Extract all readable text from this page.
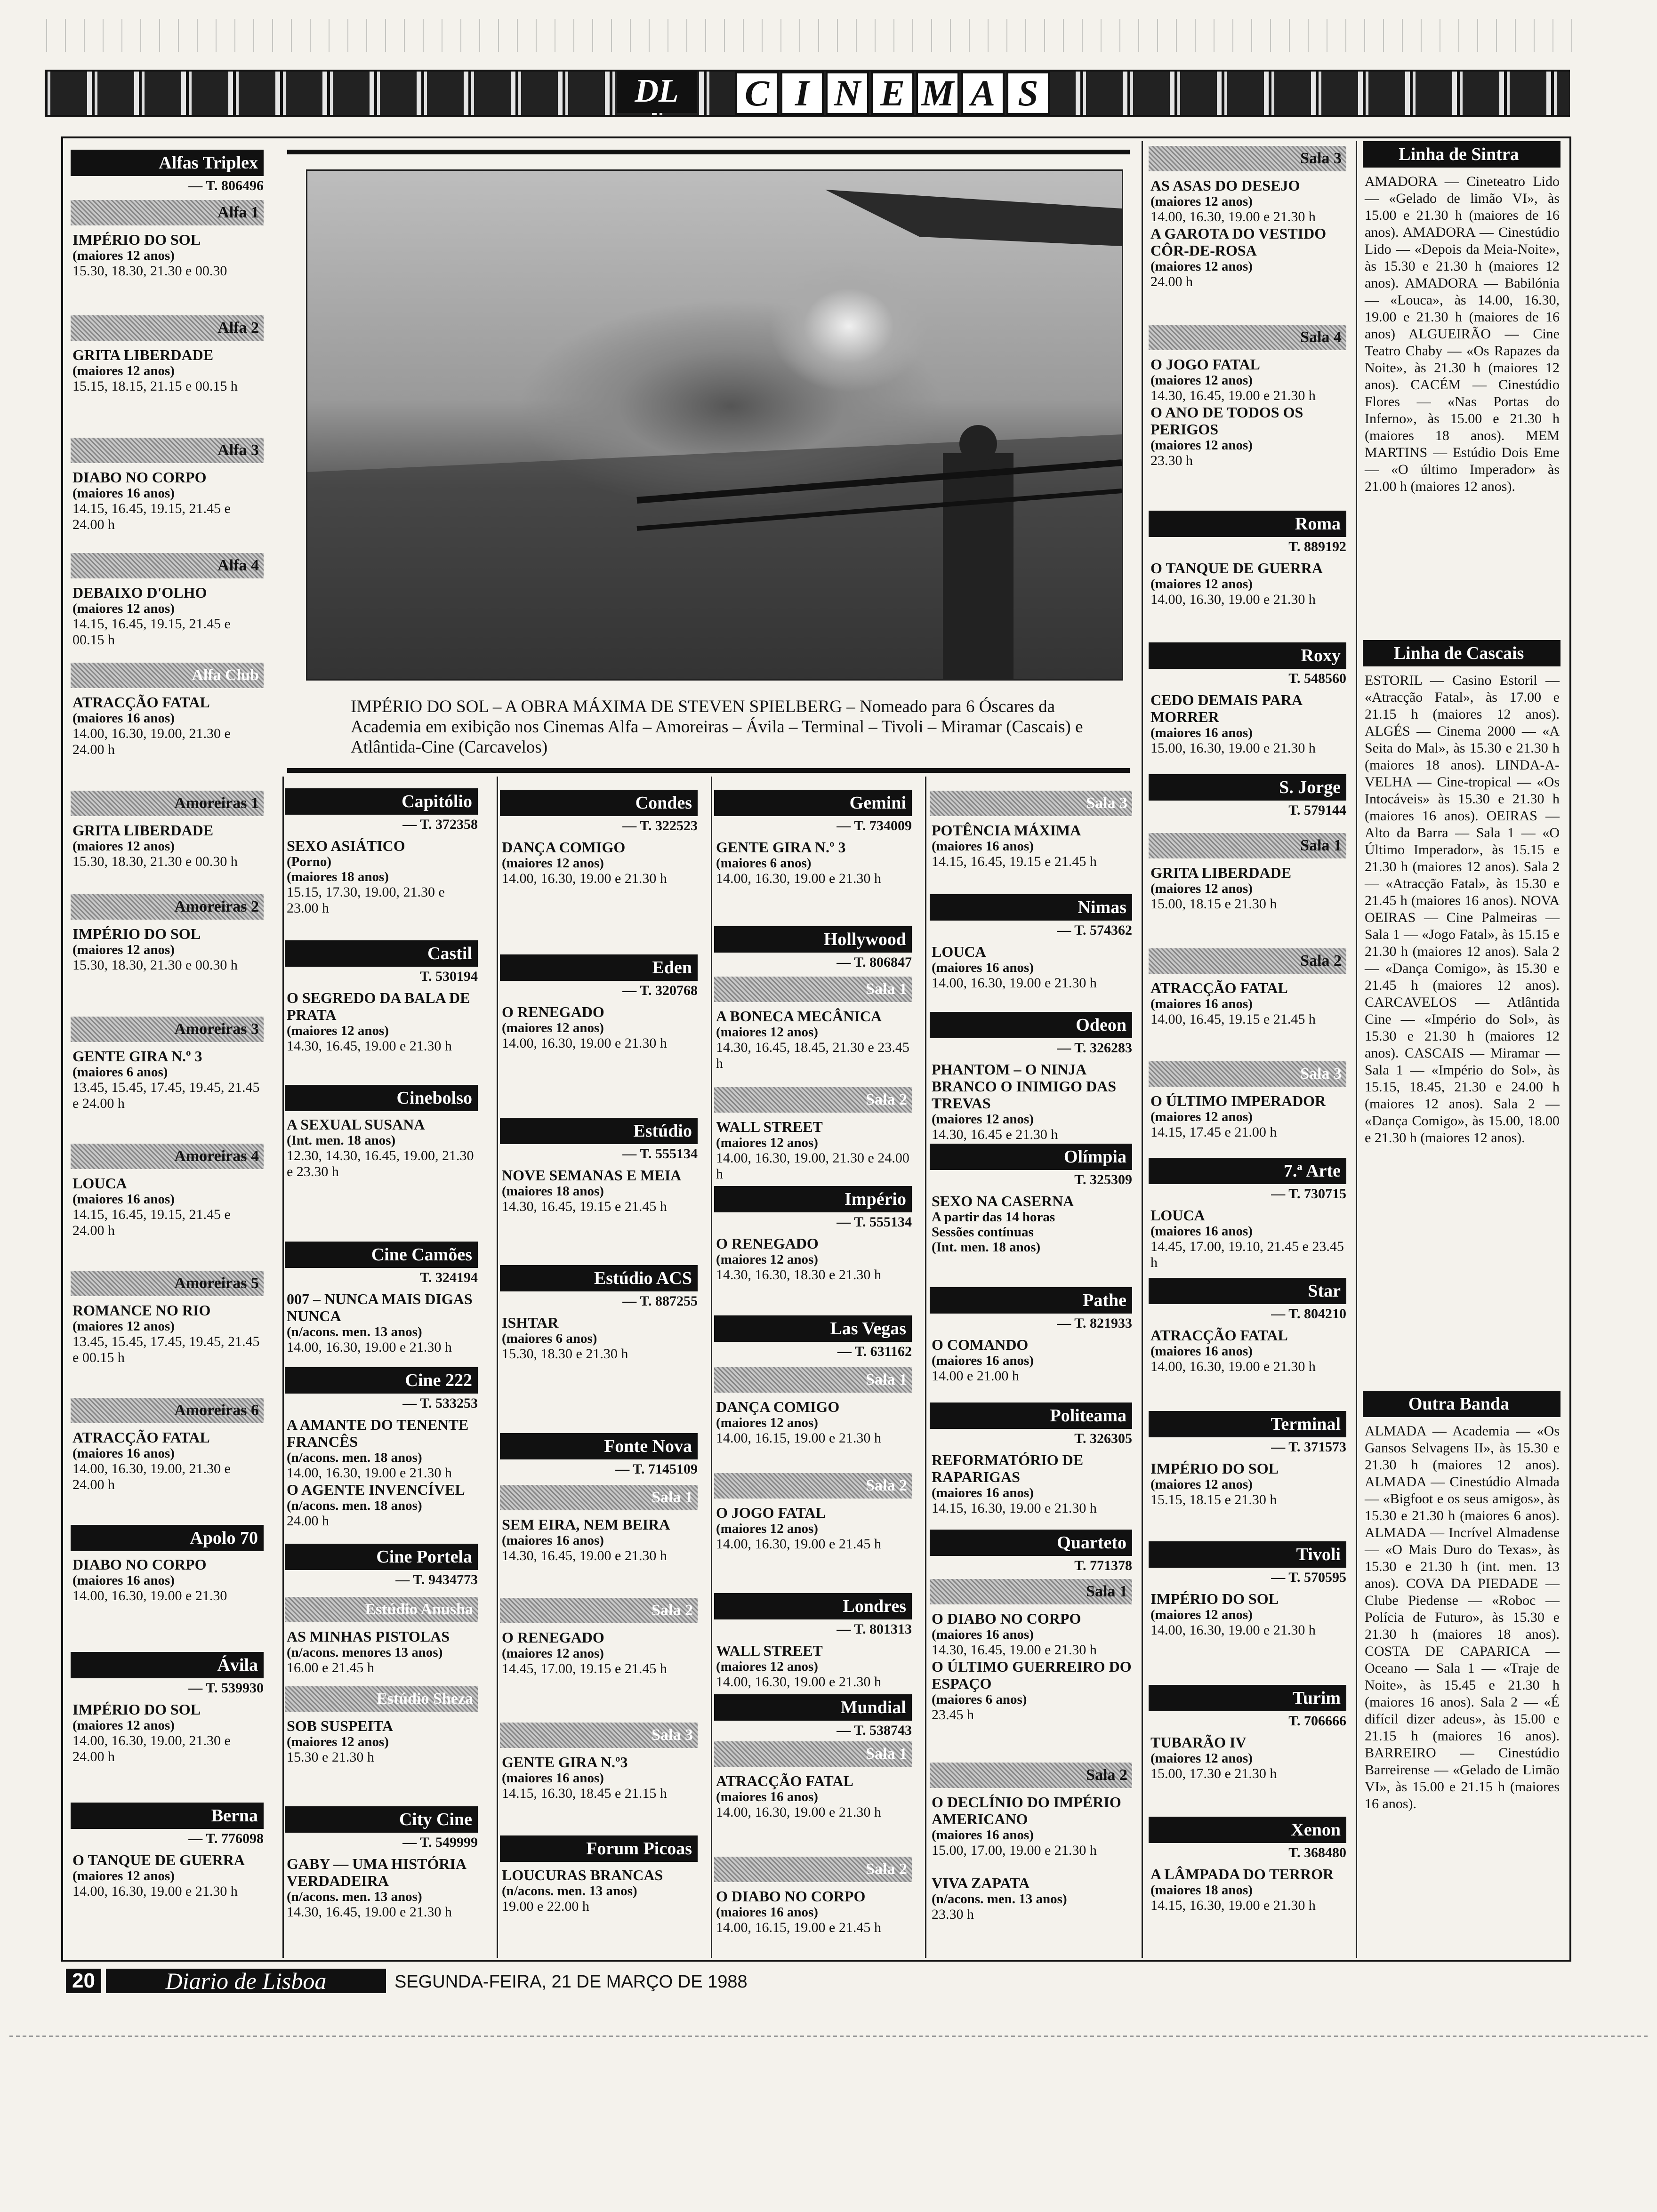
DL	C I N E M A S
IMPÉRIO DO SOL – A OBRA MÁXIMA DE STEVEN SPIELBERG – Nomeado para 6 Óscares da Academia em exibição nos Cinemas Alfa – Amoreiras – Ávila – Terminal – Tivoli – Miramar (Cascais) e Atlântida-Cine (Carcavelos)
Alfas Triplex
— T. 806496
Alfa 1
IMPÉRIO DO SOL
(maiores 12 anos)
15.30, 18.30, 21.30 e 00.30
Alfa 2
GRITA LIBERDADE
(maiores 12 anos)
15.15, 18.15, 21.15 e 00.15 h
Alfa 3
DIABO NO CORPO
(maiores 16 anos)
14.15, 16.45, 19.15, 21.45 e 24.00 h
Alfa 4
DEBAIXO D'OLHO
(maiores 12 anos)
14.15, 16.45, 19.15, 21.45 e 00.15 h
Alfa Club
ATRACÇÃO FATAL
(maiores 16 anos)
14.00, 16.30, 19.00, 21.30 e 24.00 h
Amoreiras 1
GRITA LIBERDADE
(maiores 12 anos)
15.30, 18.30, 21.30 e 00.30 h
Amoreiras 2
IMPÉRIO DO SOL
(maiores 12 anos)
15.30, 18.30, 21.30 e 00.30 h
Amoreiras 3
GENTE GIRA N.º 3
(maiores 6 anos)
13.45, 15.45, 17.45, 19.45, 21.45 e 24.00 h
Amoreiras 4
LOUCA
(maiores 16 anos)
14.15, 16.45, 19.15, 21.45 e 24.00 h
Amoreiras 5
ROMANCE NO RIO
(maiores 12 anos)
13.45, 15.45, 17.45, 19.45, 21.45 e 00.15 h
Amoreiras 6
ATRACÇÃO FATAL
(maiores 16 anos)
14.00, 16.30, 19.00, 21.30 e 24.00 h
Apolo 70
DIABO NO CORPO
(maiores 16 anos)
14.00, 16.30, 19.00 e 21.30
Ávila
— T. 539930
IMPÉRIO DO SOL
(maiores 12 anos)
14.00, 16.30, 19.00, 21.30 e 24.00 h
Berna
— T. 776098
O TANQUE DE GUERRA
(maiores 12 anos)
14.00, 16.30, 19.00 e 21.30 h
Capitólio
— T. 372358
SEXO ASIÁTICO
(Porno)
(maiores 18 anos)
15.15, 17.30, 19.00, 21.30 e 23.00 h
Castil
T. 530194
O SEGREDO DA BALA DE PRATA
(maiores 12 anos)
14.30, 16.45, 19.00 e 21.30 h
Cinebolso
A SEXUAL SUSANA
(Int. men. 18 anos)
12.30, 14.30, 16.45, 19.00, 21.30 e 23.30 h
Cine Camões
T. 324194
007 – NUNCA MAIS DIGAS NUNCA
(n/acons. men. 13 anos)
14.00, 16.30, 19.00 e 21.30 h
Cine 222
— T. 533253
A AMANTE DO TENENTE FRANCÊS
(n/acons. men. 18 anos)
14.00, 16.30, 19.00 e 21.30 h
O AGENTE INVENCÍVEL
(n/acons. men. 18 anos)
24.00 h
Cine Portela
— T. 9434773
Estúdio Anusha
AS MINHAS PISTOLAS
(n/acons. menores 13 anos)
16.00 e 21.45 h
Estúdio Sheza
SOB SUSPEITA
(maiores 12 anos)
15.30 e 21.30 h
City Cine
— T. 549999
GABY — UMA HISTÓRIA VERDADEIRA
(n/acons. men. 13 anos)
14.30, 16.45, 19.00 e 21.30 h
Condes
— T. 322523
DANÇA COMIGO
(maiores 12 anos)
14.00, 16.30, 19.00 e 21.30 h
Eden
— T. 320768
O RENEGADO
(maiores 12 anos)
14.00, 16.30, 19.00 e 21.30 h
Estúdio
— T. 555134
NOVE SEMANAS E MEIA
(maiores 18 anos)
14.30, 16.45, 19.15 e 21.45 h
Estúdio ACS
— T. 887255
ISHTAR
(maiores 6 anos)
15.30, 18.30 e 21.30 h
Fonte Nova
— T. 7145109
Sala 1
SEM EIRA, NEM BEIRA
(maiores 16 anos)
14.30, 16.45, 19.00 e 21.30 h
Sala 2
O RENEGADO
(maiores 12 anos)
14.45, 17.00, 19.15 e 21.45 h
Sala 3
GENTE GIRA N.º3
(maiores 16 anos)
14.15, 16.30, 18.45 e 21.15 h
Forum Picoas
LOUCURAS BRANCAS
(n/acons. men. 13 anos)
19.00 e 22.00 h
Gemini
— T. 734009
GENTE GIRA N.º 3
(maiores 6 anos)
14.00, 16.30, 19.00 e 21.30 h
Hollywood
— T. 806847
Sala 1
A BONECA MECÂNICA
(maiores 12 anos)
14.30, 16.45, 18.45, 21.30 e 23.45 h
Sala 2
WALL STREET
(maiores 12 anos)
14.00, 16.30, 19.00, 21.30 e 24.00 h
Império
— T. 555134
O RENEGADO
(maiores 12 anos)
14.30, 16.30, 18.30 e 21.30 h
Las Vegas
— T. 631162
Sala 1
DANÇA COMIGO
(maiores 12 anos)
14.00, 16.15, 19.00 e 21.30 h
Sala 2
O JOGO FATAL
(maiores 12 anos)
14.00, 16.30, 19.00 e 21.45 h
Londres
— T. 801313
WALL STREET
(maiores 12 anos)
14.00, 16.30, 19.00 e 21.30 h
Mundial
— T. 538743
Sala 1
ATRACÇÃO FATAL
(maiores 16 anos)
14.00, 16.30, 19.00 e 21.30 h
Sala 2
O DIABO NO CORPO
(maiores 16 anos)
14.00, 16.15, 19.00 e 21.45 h
Sala 3
POTÊNCIA MÁXIMA
(maiores 16 anos)
14.15, 16.45, 19.15 e 21.45 h
Nimas
— T. 574362
LOUCA
(maiores 16 anos)
14.00, 16.30, 19.00 e 21.30 h
Odeon
— T. 326283
PHANTOM – O NINJA BRANCO O INIMIGO DAS TREVAS
(maiores 12 anos)
14.30, 16.45 e 21.30 h
Olímpia
T. 325309
SEXO NA CASERNA
A partir das 14 horas
Sessões contínuas
(Int. men. 18 anos)
Pathe
— T. 821933
O COMANDO
(maiores 16 anos)
14.00 e 21.00 h
Politeama
T. 326305
REFORMATÓRIO DE RAPARIGAS
(maiores 16 anos)
14.15, 16.30, 19.00 e 21.30 h
Quarteto
T. 771378
Sala 1
O DIABO NO CORPO
(maiores 16 anos)
14.30, 16.45, 19.00 e 21.30 h
O ÚLTIMO GUERREIRO DO ESPAÇO
(maiores 6 anos)
23.45 h
Sala 2
O DECLÍNIO DO IMPÉRIO AMERICANO
(maiores 16 anos)
15.00, 17.00, 19.00 e 21.30 h
VIVA ZAPATA
(n/acons. men. 13 anos)
23.30 h
Sala 3
AS ASAS DO DESEJO
(maiores 12 anos)
14.00, 16.30, 19.00 e 21.30 h
A GAROTA DO VESTIDO CÔR-DE-ROSA
(maiores 12 anos)
24.00 h
Sala 4
O JOGO FATAL
(maiores 12 anos)
14.30, 16.45, 19.00 e 21.30 h
O ANO DE TODOS OS PERIGOS
(maiores 12 anos)
23.30 h
Roma
T. 889192
O TANQUE DE GUERRA
(maiores 12 anos)
14.00, 16.30, 19.00 e 21.30 h
Roxy
T. 548560
CEDO DEMAIS PARA MORRER
(maiores 16 anos)
15.00, 16.30, 19.00 e 21.30 h
S. Jorge
T. 579144
Sala 1
GRITA LIBERDADE
(maiores 12 anos)
15.00, 18.15 e 21.30 h
Sala 2
ATRACÇÃO FATAL
(maiores 16 anos)
14.00, 16.45, 19.15 e 21.45 h
Sala 3
O ÚLTIMO IMPERADOR
(maiores 12 anos)
14.15, 17.45 e 21.00 h
7.ª Arte
— T. 730715
LOUCA
(maiores 16 anos)
14.45, 17.00, 19.10, 21.45 e 23.45 h
Star
— T. 804210
ATRACÇÃO FATAL
(maiores 16 anos)
14.00, 16.30, 19.00 e 21.30 h
Terminal
— T. 371573
IMPÉRIO DO SOL
(maiores 12 anos)
15.15, 18.15 e 21.30 h
Tivoli
— T. 570595
IMPÉRIO DO SOL
(maiores 12 anos)
14.00, 16.30, 19.00 e 21.30 h
Turim
T. 706666
TUBARÃO IV
(maiores 12 anos)
15.00, 17.30 e 21.30 h
Xenon
T. 368480
A LÂMPADA DO TERROR
(maiores 18 anos)
14.15, 16.30, 19.00 e 21.30 h
Linha de Sintra
AMADORA — Cineteatro Lido — «Gelado de limão VI», às 15.00 e 21.30 h (maiores de 16 anos). AMADORA — Cinestúdio Lido — «Depois da Meia-Noite», às 15.30 e 21.30 h (maiores 12 anos). AMADORA — Babilónia — «Louca», às 14.00, 16.30, 19.00 e 21.30 h (maiores de 16 anos) ALGUEIRÃO — Cine Teatro Chaby — «Os Rapazes da Noite», às 21.30 h (maiores 12 anos). CACÉM — Cinestúdio Flores — «Nas Portas do Inferno», às 15.00 e 21.30 h (maiores 18 anos). MEM MARTINS — Estúdio Dois Eme — «O último Imperador» às 21.00 h (maiores 12 anos).
Linha de Cascais
ESTORIL — Casino Estoril — «Atracção Fatal», às 17.00 e 21.15 h (maiores 12 anos). ALGÉS — Cinema 2000 — «A Seita do Mal», às 15.30 e 21.30 h (maiores 18 anos). LINDA-A-VELHA — Cine-tropical — «Os Intocáveis» às 15.30 e 21.30 h (maiores 16 anos). OEIRAS — Alto da Barra — Sala 1 — «O Último Imperador», às 15.15 e 21.30 h (maiores 12 anos). Sala 2 — «Atracção Fatal», às 15.30 e 21.45 h (maiores 16 anos). NOVA OEIRAS — Cine Palmeiras — Sala 1 — «Jogo Fatal», às 15.15 e 21.30 h (maiores 12 anos). Sala 2 — «Dança Comigo», às 15.30 e 21.45 h (maiores 12 anos). CARCAVELOS — Atlântida Cine — «Império do Sol», às 15.30 e 21.30 h (maiores 12 anos). CASCAIS — Miramar — Sala 1 — «Império do Sol», às 15.15, 18.45, 21.30 e 24.00 h (maiores 12 anos). Sala 2 — «Dança Comigo», às 15.00, 18.00 e 21.30 h (maiores 12 anos).
Outra Banda
ALMADA — Academia — «Os Gansos Selvagens II», às 15.30 e 21.30 h (maiores 12 anos). ALMADA — Cinestúdio Almada — «Bigfoot e os seus amigos», às 15.30 e 21.30 h (maiores 6 anos). ALMADA — Incrível Almadense — «O Mais Duro do Texas», às 15.30 e 21.30 h (int. men. 13 anos). COVA DA PIEDADE — Clube Piedense — «Roboc — Polícia de Futuro», às 15.30 e 21.30 h (maiores 18 anos). COSTA DE CAPARICA — Oceano — Sala 1 — «Traje de Noite», às 15.45 e 21.30 h (maiores 16 anos). Sala 2 — «É difícil dizer adeus», às 15.00 e 21.15 h (maiores 16 anos). BARREIRO — Cinestúdio Barreirense — «Gelado de Limão VI», às 15.00 e 21.15 h (maiores 16 anos).
20	Diario de Lisboa	SEGUNDA-FEIRA, 21 DE MARÇO DE 1988
